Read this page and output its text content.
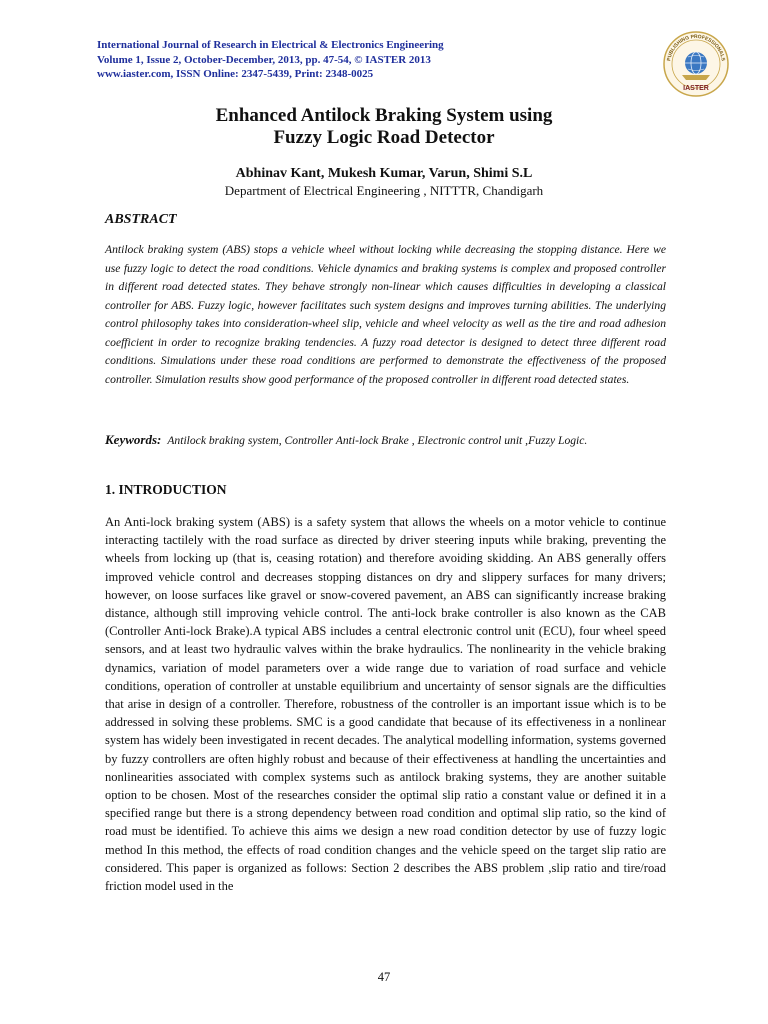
International Journal of Research in Electrical & Electronics Engineering
Volume 1, Issue 2, October-December, 2013, pp. 47-54, © IASTER 2013
www.iaster.com, ISSN Online: 2347-5439, Print: 2348-0025
PUBLISHING PROFESSIONALS
IASTER
Enhanced Antilock Braking System using
Fuzzy Logic Road Detector
Abhinav Kant, Mukesh Kumar, Varun, Shimi S.L
Department of Electrical Engineering , NITTTR, Chandigarh
ABSTRACT

Antilock braking system (ABS) stops a vehicle wheel without locking while decreasing the stopping distance. Here we use fuzzy logic to detect the road conditions. Vehicle dynamics and braking systems is complex and proposed controller in different road detected states. They behave strongly non-linear which causes difficulties in developing a classical controller for ABS. Fuzzy logic, however facilitates such system designs and improves turning abilities. The underlying control philosophy takes into consideration-wheel slip, vehicle and wheel velocity as well as the tire and road adhesion coefficient in order to recognize braking tendencies. A fuzzy road detector is designed to detect three different road conditions. Simulations under these road conditions are performed to demonstrate the effectiveness of the proposed controller. Simulation results show good performance of the proposed controller in different road detected states.

Keywords: Antilock braking system, Controller Anti-lock Brake , Electronic control unit ,Fuzzy Logic.

1. INTRODUCTION

An Anti-lock braking system (ABS) is a safety system that allows the wheels on a motor vehicle to continue interacting tactilely with the road surface as directed by driver steering inputs while braking, preventing the wheels from locking up (that is, ceasing rotation) and therefore avoiding skidding. An ABS generally offers improved vehicle control and decreases stopping distances on dry and slippery surfaces for many drivers; however, on loose surfaces like gravel or snow-covered pavement, an ABS can significantly increase braking distance, although still improving vehicle control. The anti-lock brake controller is also known as the CAB (Controller Anti-lock Brake).A typical ABS includes a central electronic control unit (ECU), four wheel speed sensors, and at least two hydraulic valves within the brake hydraulics. The nonlinearity in the vehicle braking dynamics, variation of model parameters over a wide range due to variation of road surface and vehicle conditions, operation of controller at unstable equilibrium and uncertainty of sensor signals are the difficulties that arise in design of a controller. Therefore, robustness of the controller is an important issue which is to be addressed in solving these problems. SMC is a good candidate that because of its effectiveness in a nonlinear system has widely been investigated in recent decades. The analytical modelling information, systems governed by fuzzy controllers are often highly robust and because of their effectiveness at handling the uncertainties and nonlinearities associated with complex systems such as antilock braking systems, they are another suitable option to be chosen. Most of the researches consider the optimal slip ratio a constant value or defined it in a specified range but there is a strong dependency between road condition and optimal slip ratio, so the kind of road must be identified. To achieve this aims we design a new road condition detector by use of fuzzy logic method In this method, the effects of road condition changes and the vehicle speed on the target slip ratio are considered. This paper is organized as follows: Section 2 describes the ABS problem ,slip ratio and tire/road friction model used in the

47
